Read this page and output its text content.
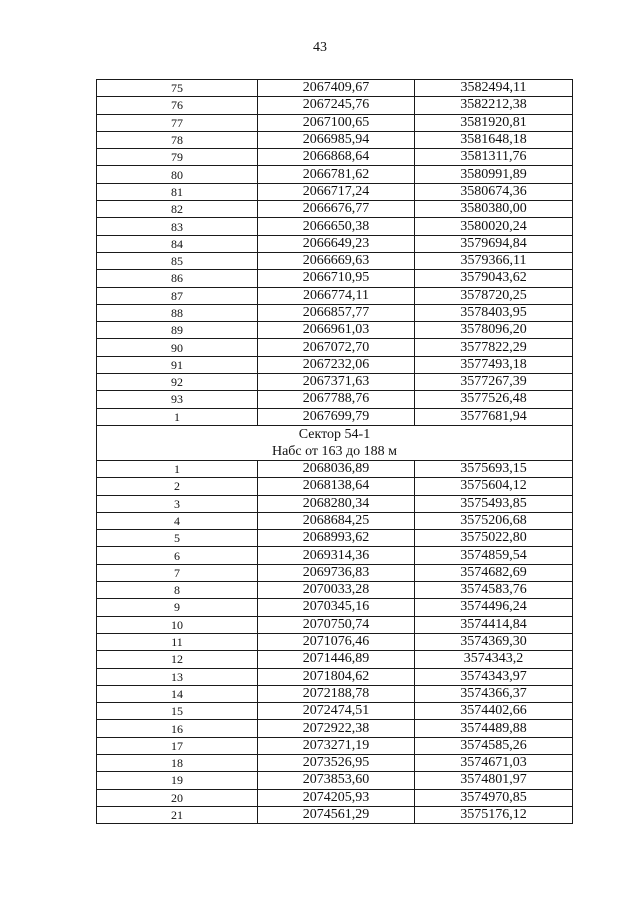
43
75	2067409,67	3582494,11
76	2067245,76	3582212,38
77	2067100,65	3581920,81
78	2066985,94	3581648,18
79	2066868,64	3581311,76
80	2066781,62	3580991,89
81	2066717,24	3580674,36
82	2066676,77	3580380,00
83	2066650,38	3580020,24
84	2066649,23	3579694,84
85	2066669,63	3579366,11
86	2066710,95	3579043,62
87	2066774,11	3578720,25
88	2066857,77	3578403,95
89	2066961,03	3578096,20
90	2067072,70	3577822,29
91	2067232,06	3577493,18
92	2067371,63	3577267,39
93	2067788,76	3577526,48
1	2067699,79	3577681,94
Сектор 54-1		
Набс от 163 до 188 м		
1	2068036,89	3575693,15
2	2068138,64	3575604,12
3	2068280,34	3575493,85
4	2068684,25	3575206,68
5	2068993,62	3575022,80
6	2069314,36	3574859,54
7	2069736,83	3574682,69
8	2070033,28	3574583,76
9	2070345,16	3574496,24
10	2070750,74	3574414,84
11	2071076,46	3574369,30
12	2071446,89	3574343,2
13	2071804,62	3574343,97
14	2072188,78	3574366,37
15	2072474,51	3574402,66
16	2072922,38	3574489,88
17	2073271,19	3574585,26
18	2073526,95	3574671,03
19	2073853,60	3574801,97
20	2074205,93	3574970,85
21	2074561,29	3575176,12
